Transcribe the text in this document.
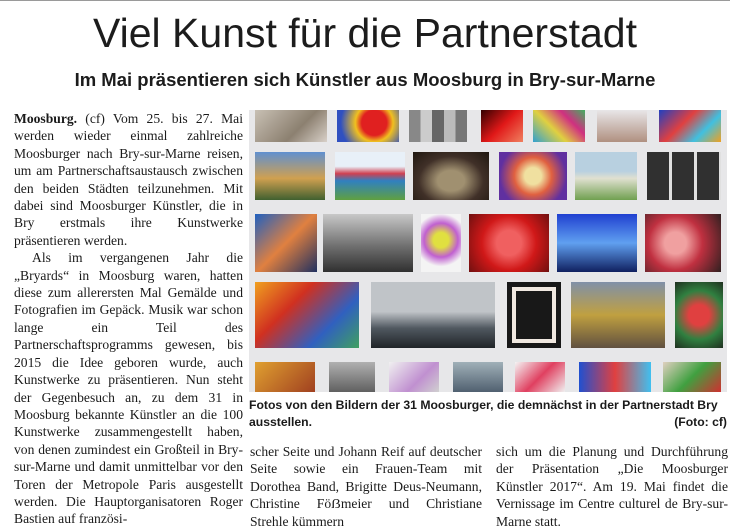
Viel Kunst für die Partnerstadt
Im Mai präsentieren sich Künstler aus Moosburg in Bry-sur-Marne

Moosburg. (cf) Vom 25. bis 27. Mai werden wieder einmal zahlreiche Moosburger nach Bry-sur-Marne reisen, um am Partnerschaftsaustausch zwischen den beiden Städten teilzunehmen. Mit dabei sind Moosburger Künstler, die in Bry erstmals ihre Kunstwerke präsentieren werden.

Als im vergangenen Jahr die „Bryards“ in Moosburg waren, hatten diese zum allerersten Mal Gemälde und Fotografien im Gepäck. Musik war schon lange ein Teil des Partnerschaftsprogramms gewesen, bis 2015 die Idee geboren wurde, auch Kunstwerke zu präsentieren. Nun steht der Gegenbesuch an, zu dem 31 in Moosburg bekannte Künstler an die 100 Kunstwerke zusammengestellt haben, von denen zumindest ein Großteil in Bry-sur-Marne und damit unmittelbar vor den Toren der Metropole Paris ausgestellt werden. Die Hauptorganisatoren Roger Bastien auf französi-

Fotos von den Bildern der 31 Moosburger, die demnächst in der Partnerstadt Bry ausstellen.	(Foto: cf)
scher Seite und Johann Reif auf deutscher Seite sowie ein Frauen-Team mit Dorothea Band, Brigitte Deus-Neumann, Christine Föẞmeier und Christiane Strehle kümmern
sich um die Planung und Durchführung der Präsentation „Die Moosburger Künstler 2017“. Am 19. Mai findet die Vernissage im Centre culturel de Bry-sur-Marne statt.
